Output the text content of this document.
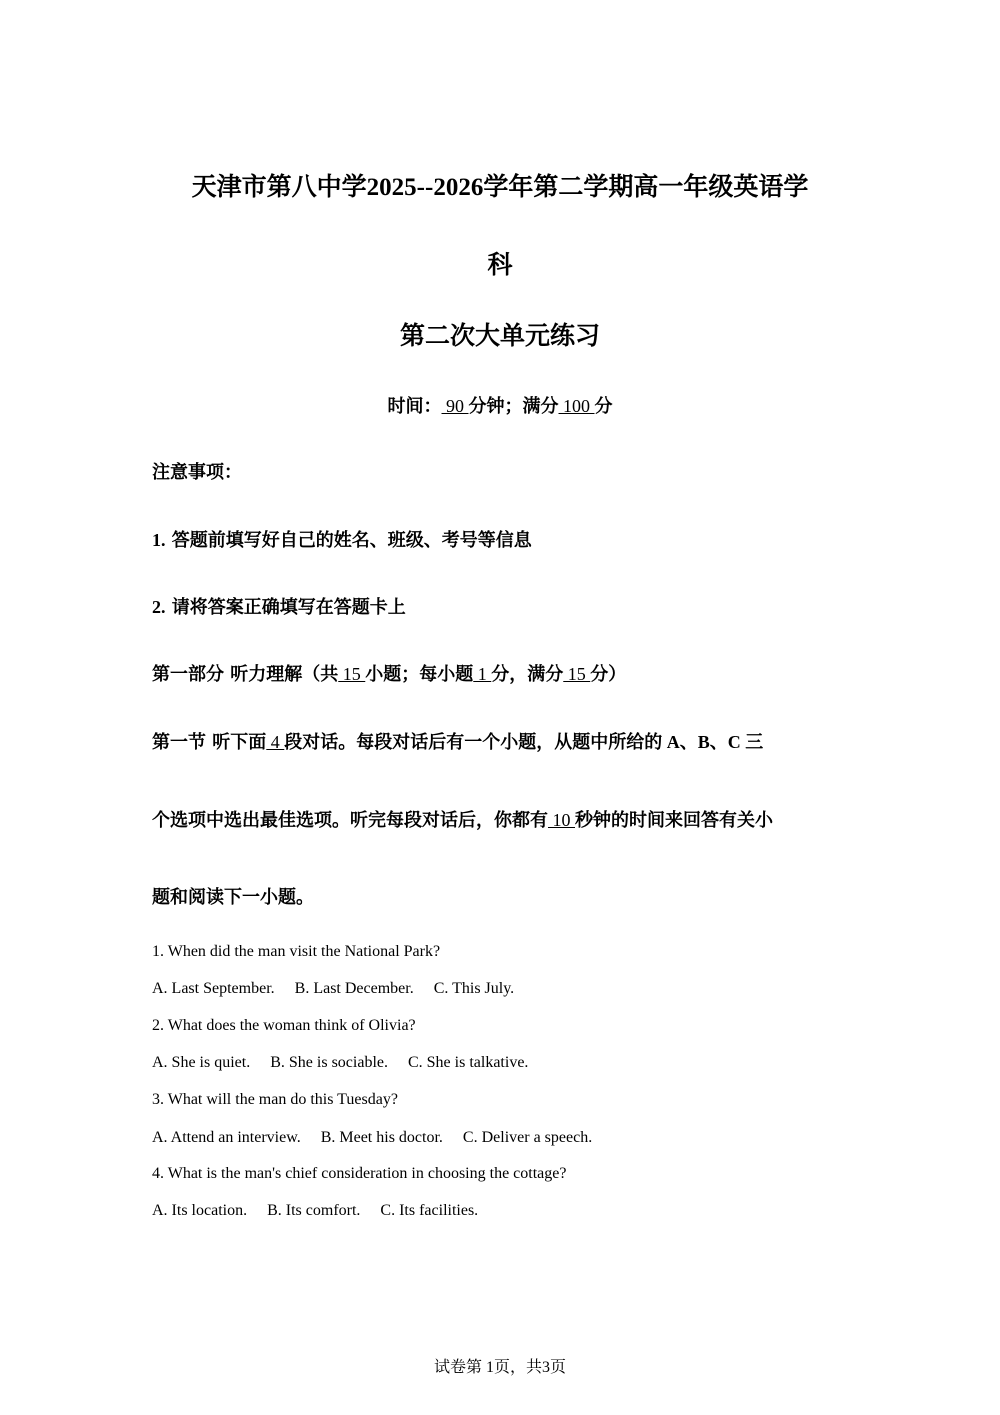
天津市第八中学2025--2026学年第二学期高一年级英语学
科
第二次大单元练习
时间： 90 分钟；满分 100 分
注意事项：
1. 答题前填写好自己的姓名、班级、考号等信息
2. 请将答案正确填写在答题卡上
第一部分 听力理解（共 15 小题；每小题 1 分，满分 15 分）
第一节 听下面 4 段对话。每段对话后有一个小题，从题中所给的 A、B、C 三
个选项中选出最佳选项。听完每段对话后，你都有 10 秒钟的时间来回答有关小
题和阅读下一小题。
1. When did the man visit the National Park?
A. Last September. B. Last December. C. This July.
2. What does the woman think of Olivia?
A. She is quiet. B. She is sociable. C. She is talkative.
3. What will the man do this Tuesday?
A. Attend an interview. B. Meet his doctor. C. Deliver a speech.
4. What is the man's chief consideration in choosing the cottage?
A. Its location. B. Its comfort. C. Its facilities.
试卷第 1页，共3页
